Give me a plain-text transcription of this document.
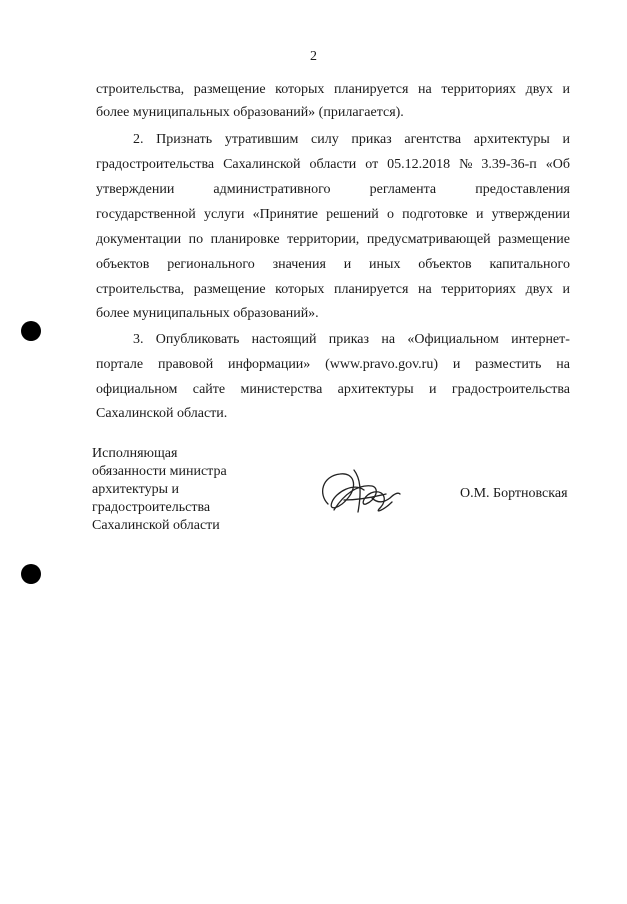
2
строительства, размещение которых планируется на территориях двух и
более муниципальных образований» (прилагается).
2. Признать утратившим силу приказ агентства архитектуры и
градостроительства Сахалинской области от 05.12.2018 № 3.39-36-п «Об
утверждении	административного	регламента	предоставления
государственной услуги «Принятие решений о подготовке и утверждении
документации по планировке территории, предусматривающей размещение
объектов регионального значения и иных объектов капитального
строительства, размещение которых планируется на территориях двух и
более муниципальных образований».
3. Опубликовать настоящий приказ на «Официальном интернет-
портале правовой информации» (www.pravo.gov.ru) и разместить на
официальном сайте министерства архитектуры и градостроительства
Сахалинской области.
Исполняющая
обязанности министра
архитектуры и
градостроительства
Сахалинской области
О.М. Бортновская
